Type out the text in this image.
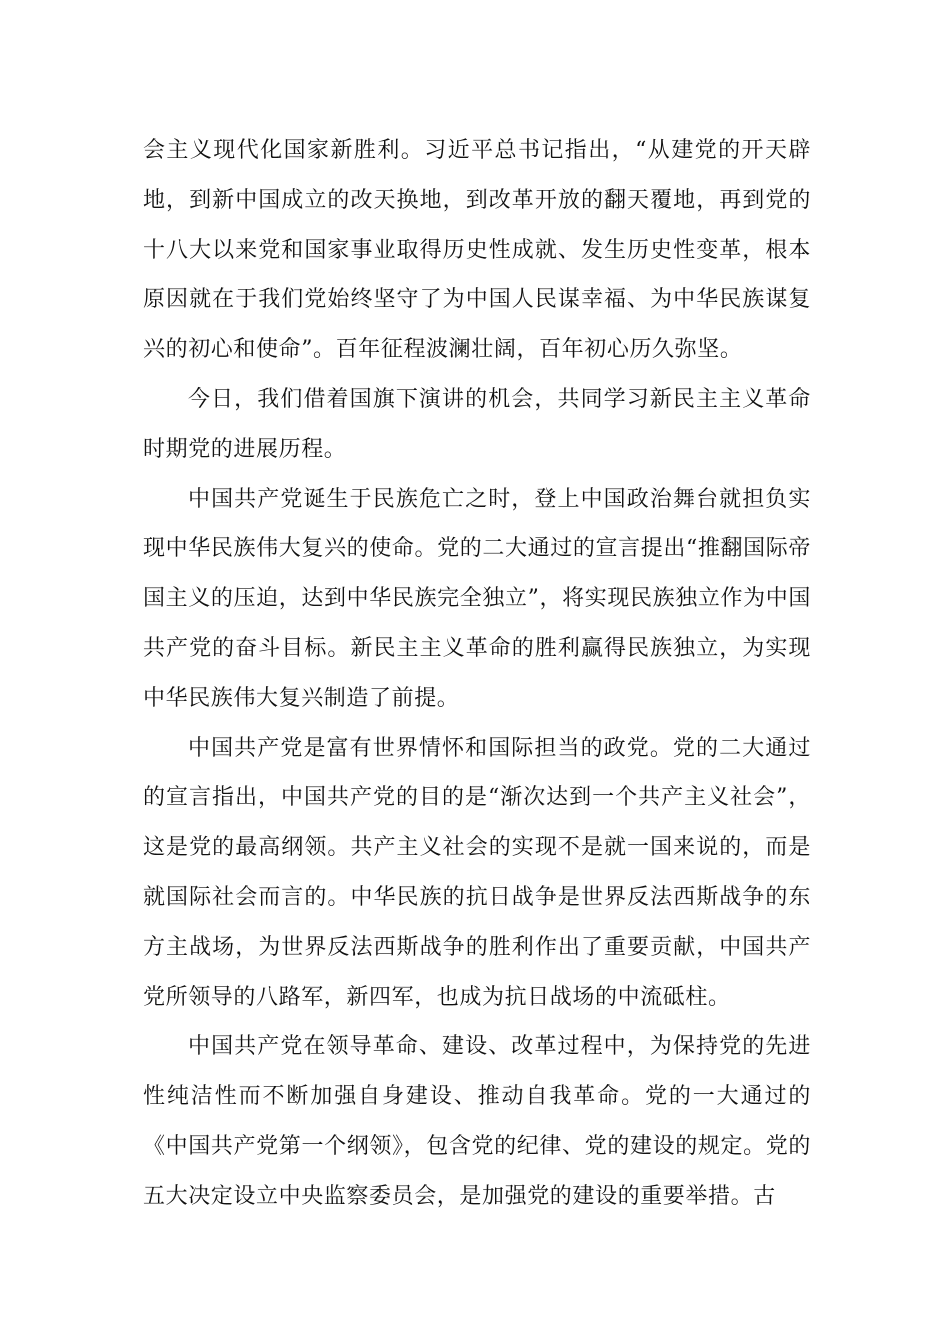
会主义现代化国家新胜利。习近平总书记指出，“从建党的开天辟地，到新中国成立的改天换地，到改革开放的翻天覆地，再到党的十八大以来党和国家事业取得历史性成就、发生历史性变革，根本原因就在于我们党始终坚守了为中国人民谋幸福、为中华民族谋复兴的初心和使命”。百年征程波澜壮阔，百年初心历久弥坚。

今日，我们借着国旗下演讲的机会，共同学习新民主主义革命时期党的进展历程。

中国共产党诞生于民族危亡之时，登上中国政治舞台就担负实现中华民族伟大复兴的使命。党的二大通过的宣言提出“推翻国际帝国主义的压迫，达到中华民族完全独立”，将实现民族独立作为中国共产党的奋斗目标。新民主主义革命的胜利赢得民族独立，为实现中华民族伟大复兴制造了前提。

中国共产党是富有世界情怀和国际担当的政党。党的二大通过的宣言指出，中国共产党的目的是“渐次达到一个共产主义社会”，这是党的最高纲领。共产主义社会的实现不是就一国来说的，而是就国际社会而言的。中华民族的抗日战争是世界反法西斯战争的东方主战场，为世界反法西斯战争的胜利作出了重要贡献，中国共产党所领导的八路军，新四军，也成为抗日战场的中流砥柱。

中国共产党在领导革命、建设、改革过程中，为保持党的先进性纯洁性而不断加强自身建设、推动自我革命。党的一大通过的《中国共产党第一个纲领》，包含党的纪律、党的建设的规定。党的五大决定设立中央监察委员会，是加强党的建设的重要举措。古
